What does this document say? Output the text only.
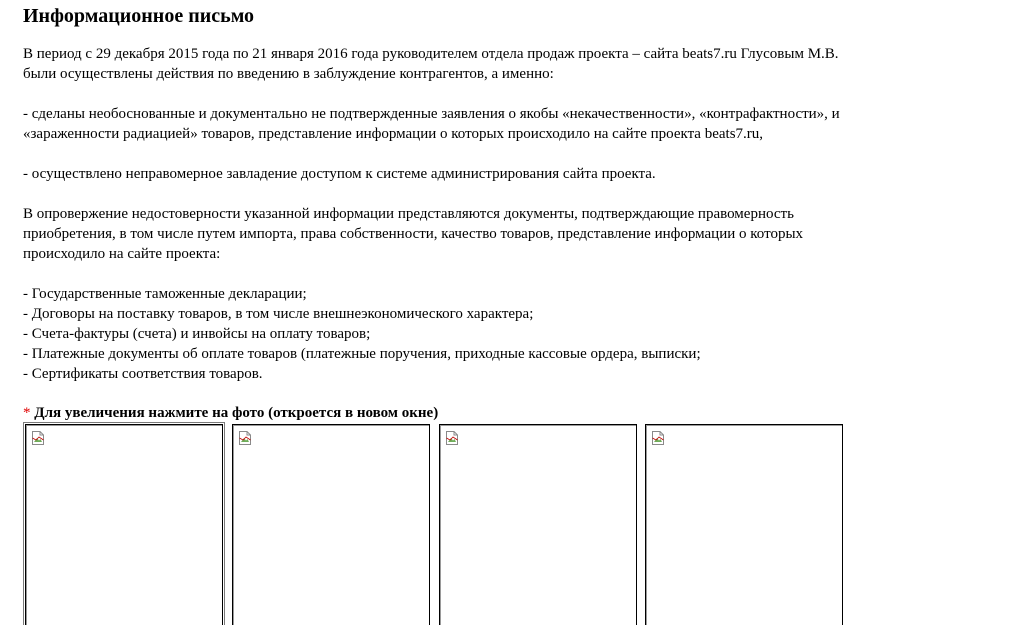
Информационное письмо
В период с 29 декабря 2015 года по 21 января 2016 года руководителем отдела продаж проекта – сайта beats7.ru Глусовым М.В.
были осуществлены действия по введению в заблуждение контрагентов, а именно:
- сделаны необоснованные и документально не подтвержденные заявления о якобы «некачественности», «контрафактности», и
«зараженности радиацией» товаров, представление информации о которых происходило на сайте проекта beats7.ru,
- осуществлено неправомерное завладение доступом к системе администрирования сайта проекта.
В опровержение недостоверности указанной информации представляются документы, подтверждающие правомерность
приобретения, в том числе путем импорта, права собственности, качество товаров, представление информации о которых
происходило на сайте проекта:
- Государственные таможенные декларации;
- Договоры на поставку товаров, в том числе внешнеэкономического характера;
- Счета-фактуры (счета) и инвойсы на оплату товаров;
- Платежные документы об оплате товаров (платежные поручения, приходные кассовые ордера, выписки;
- Сертификаты соответствия товаров.
* Для увеличения нажмите на фото (откроется в новом окне)
